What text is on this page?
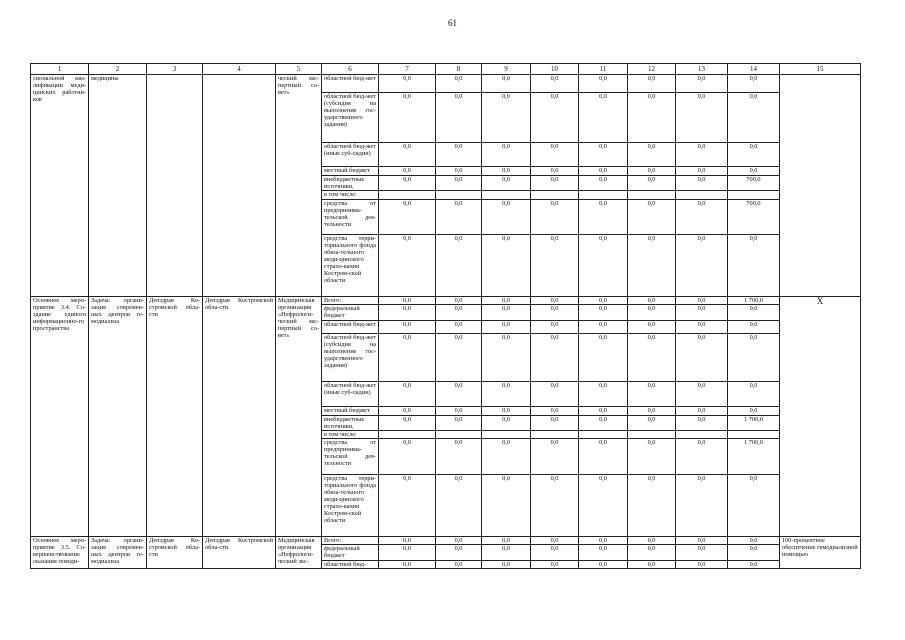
61
1	2	3	4	5	6	7	8	9	10	11	12	13	14	15
сиональной ква-лификации меди-цинских работни-ков	медицины			ческий экс-пертный со-вет»	областной бюд-жет	0,0	0,0	0,0	0,0	0,0	0,0	0,0	0,0	
					областной бюд-жет (субсидия на выполнение гос-ударственного задания)	0,0	0,0	0,0	0,0	0,0	0,0	0,0	0,0	
					областной бюд-жет (иные суб-сидии)	0,0	0,0	0,0	0,0	0,0	0,0	0,0	0,0	
					местный бюджет	0,0	0,0	0,0	0,0	0,0	0,0	0,0	0,0	
					внебюджетные источники,	0,0	0,0	0,0	0,0	0,0	0,0	0,0	700,0	
					в том числе:									
					средства от предпринима-тельской дея-тельности	0,0	0,0	0,0	0,0	0,0	0,0	0,0	700,0	
					средства терри-ториального фонда обяза-тельного меди-цинского страхо-вания Костром-ской области	0,0	0,0	0,0	0,0	0,0	0,0	0,0	0,0	
Основное меро-приятие 3.4. Со-здание единого информационно-го пространства	Задача: органи-зация современ-ных центров ге-модиализа	Депздрав Ко-стромской обла-сти	Депздрав Костромской обла-сти	Медицинская организация «Нефрологи-ческий экс-пертный со-вет»	Всего:	0,0	0,0	0,0	0,0	0,0	0,0	0,0	1 700,0	Х
					федеральный бюджет	0,0	0,0	0,0	0,0	0,0	0,0	0,0	0,0	
					областной бюд-жет	0,0	0,0	0,0	0,0	0,0	0,0	0,0	0,0	
					областной бюд-жет (субсидия на выполнение гос-ударственного задания)	0,0	0,0	0,0	0,0	0,0	0,0	0,0	0,0	
					областной бюд-жет (иные суб-сидии)	0,0	0,0	0,0	0,0	0,0	0,0	0,0	0,0	
					местный бюджет	0,0	0,0	0,0	0,0	0,0	0,0	0,0	0,0	
					внебюджетные источники,	0,0	0,0	0,0	0,0	0,0	0,0	0,0	1 700,0	
					в том числе:									
					средства от предпринима-тельской дея-тельности	0,0	0,0	0,0	0,0	0,0	0,0	0,0	1 700,0	
					средства терри-ториального фонда обяза-тельного меди-цинского страхо-вания Костром-ской области	0,0	0,0	0,0	0,0	0,0	0,0	0,0	0,0	
Основное меро-приятие 3.5. Со-вершенствование оказания гемоди-	Задача: органи-зация современ-ных центров ге-модиализа	Депздрав Ко-стромской обла-сти	Депздрав Костромской обла-сти	Медицинская организация «Нефрологи-ческий экс-	Всего:	0,0	0,0	0,0	0,0	0,0	0,0	0,0	0,0	100-процентное обеспечение гемодиализной помощью
					федеральный бюджет	0,0	0,0	0,0	0,0	0,0	0,0	0,0	0,0	
					областной бюд-	0,0	0,0	0,0	0,0	0,0	0,0	0,0	0,0	
